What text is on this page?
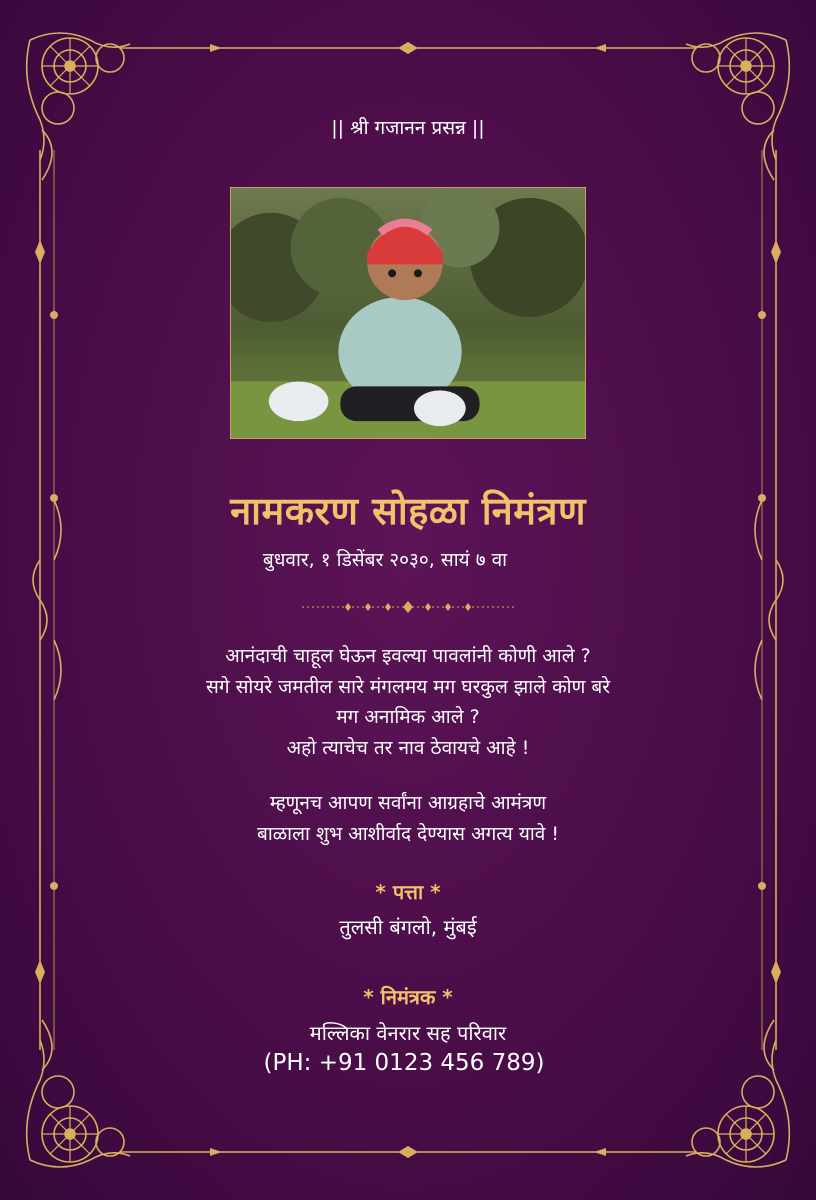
|| श्री गजानन प्रसन्न ||
नामकरण सोहळा निमंत्रण
बुधवार, १ डिसेंबर २०३०, सायं ७ वा
आनंदाची चाहूल घेऊन इवल्या पावलांनी कोणी आले ?
सगे सोयरे जमतील सारे मंगलमय मग घरकुल झाले कोण बरे
मग अनामिक आले ?
अहो त्याचेच तर नाव ठेवायचे आहे !
म्हणूनच आपण सर्वांना आग्रहाचे आमंत्रण
बाळाला शुभ आशीर्वाद देण्यास अगत्य यावे !
* पत्ता *
तुलसी बंगलो, मुंबई
* निमंत्रक *
मल्लिका वेनरार सह परिवार
(PH: +91 0123 456 789)
